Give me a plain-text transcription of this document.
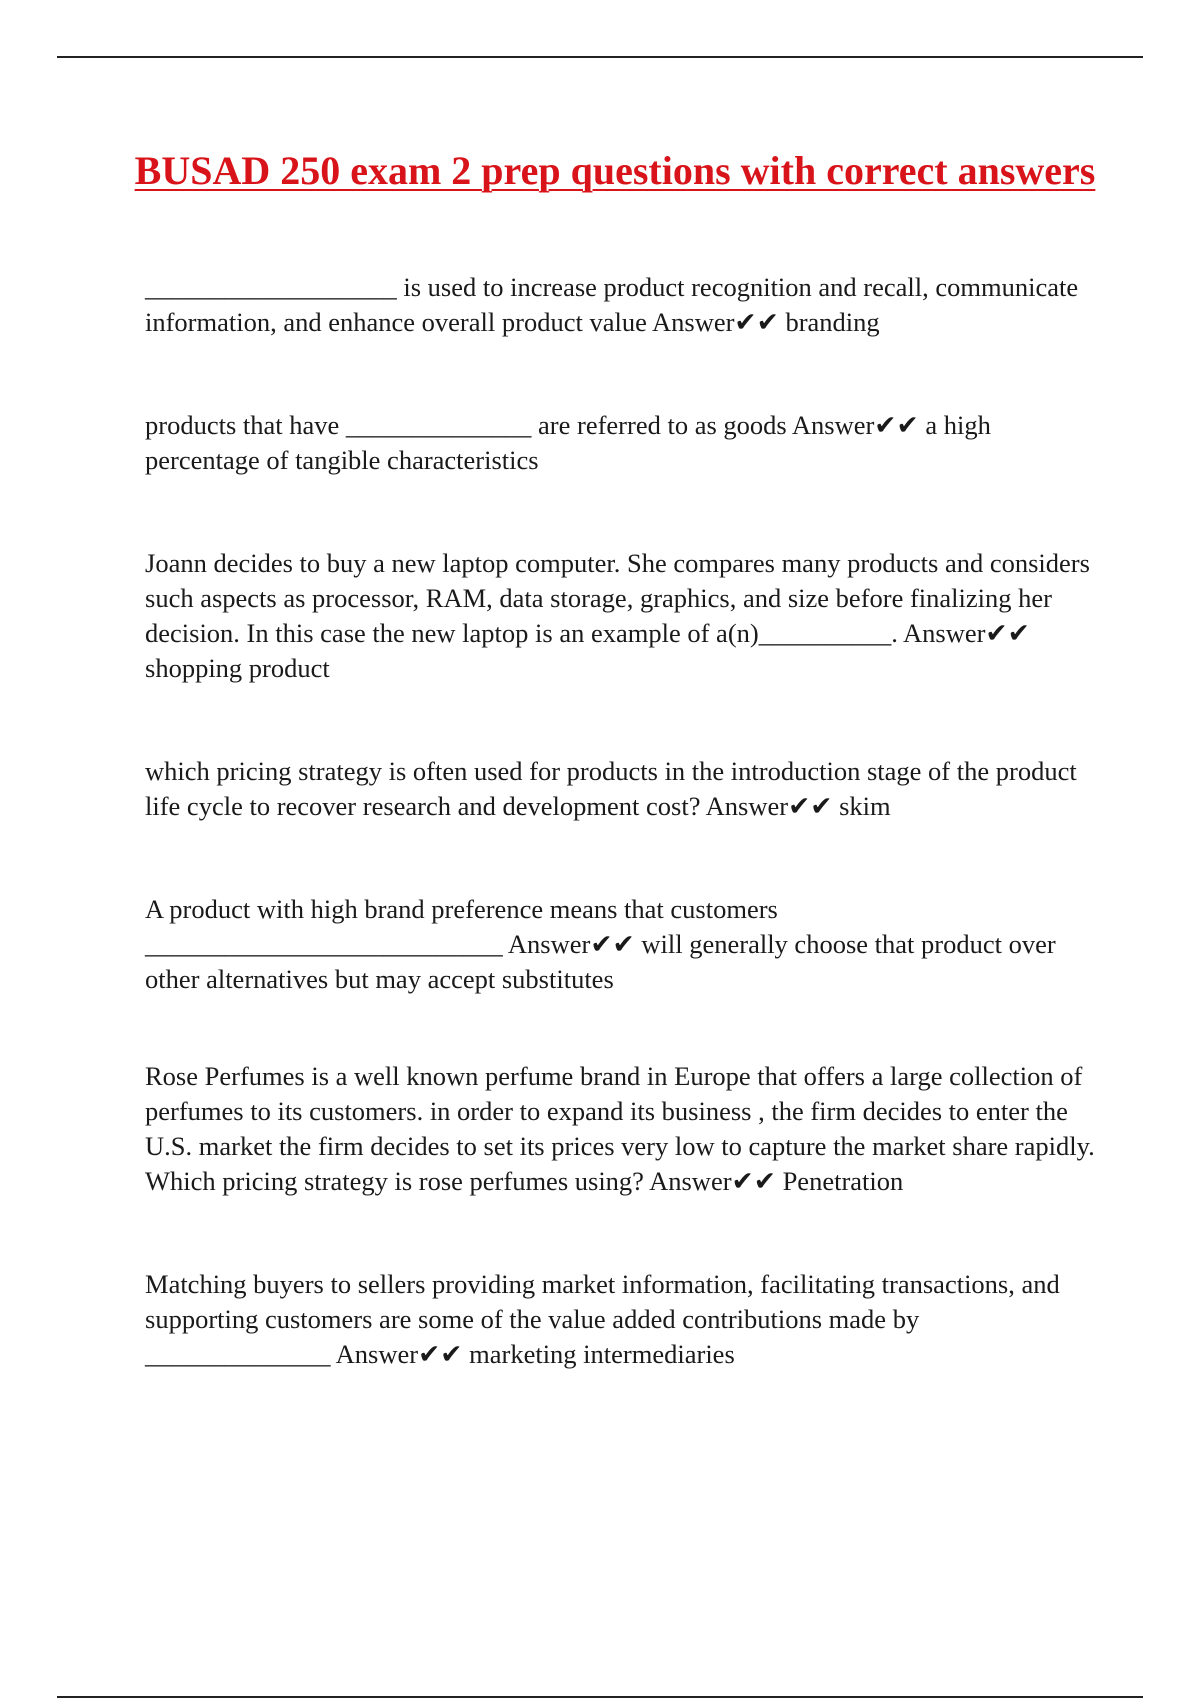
BUSAD 250 exam 2 prep questions with correct answers

___________________ is used to increase product recognition and recall, communicate information, and enhance overall product value Answer✔✔ branding

products that have ______________ are referred to as goods Answer✔✔ a high percentage of tangible characteristics

Joann decides to buy a new laptop computer. She compares many products and considers such aspects as processor, RAM, data storage, graphics, and size before finalizing her decision. In this case the new laptop is an example of a(n)__________. Answer✔✔ shopping product

which pricing strategy is often used for products in the introduction stage of the product life cycle to recover research and development cost? Answer✔✔ skim

A product with high brand preference means that customers ___________________________ Answer✔✔ will generally choose that product over other alternatives but may accept substitutes

Rose Perfumes is a well known perfume brand in Europe that offers a large collection of perfumes to its customers. in order to expand its business , the firm decides to enter the U.S. market the firm decides to set its prices very low to capture the market share rapidly. Which pricing strategy is rose perfumes using? Answer✔✔ Penetration

Matching buyers to sellers providing market information, facilitating transactions, and supporting customers are some of the value added contributions made by ______________ Answer✔✔ marketing intermediaries
